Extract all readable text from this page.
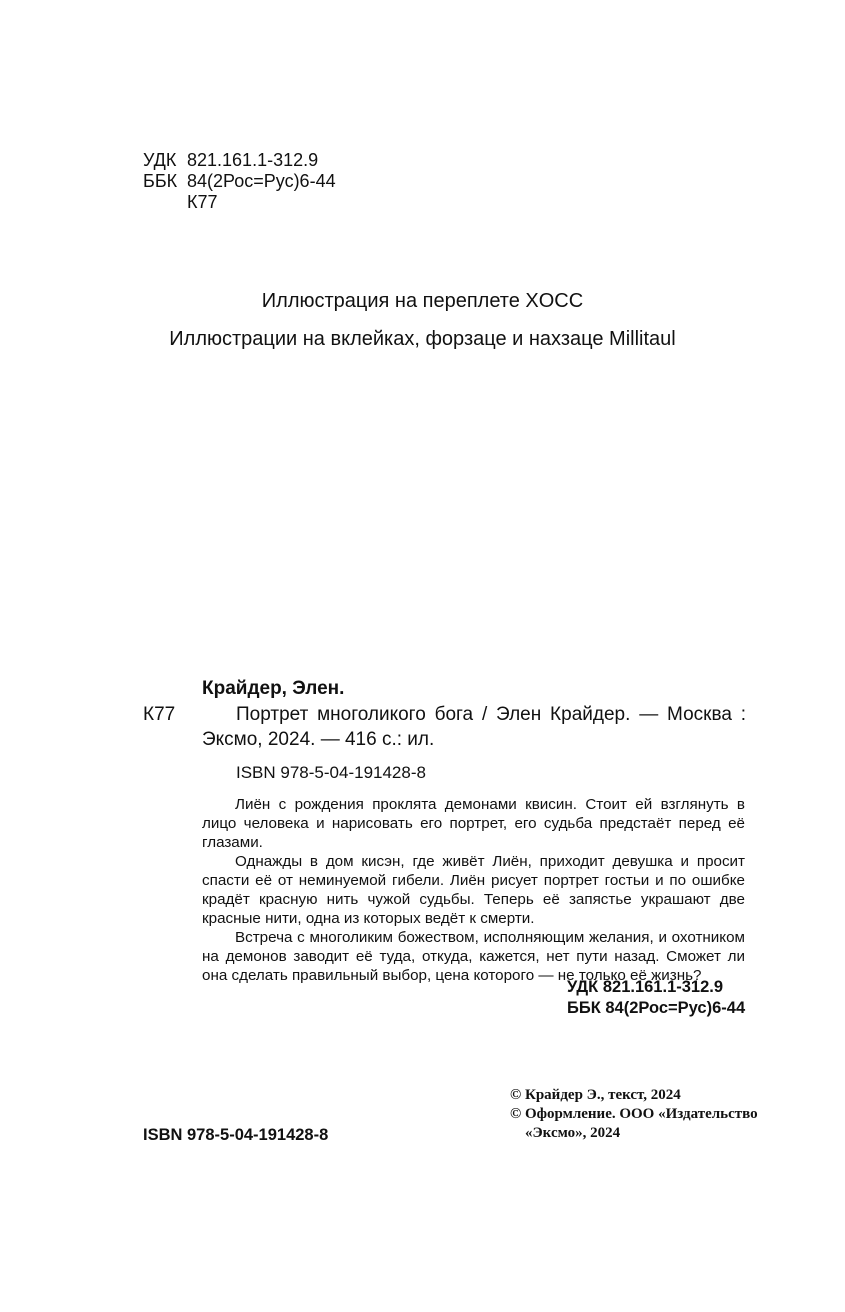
УДК 821.161.1-312.9
ББК 84(2Рос=Рус)6-44
К77
Иллюстрация на переплете XOCC
Иллюстрации на вклейках, форзаце и нахзаце Millitaul
Крайдер, Элен.
К77	Портрет многоликого бога / Элен Крайдер. — Москва :
Эксмо, 2024. — 416 с.: ил.
ISBN 978-5-04-191428-8

Лиён с рождения проклята демонами квисин. Стоит ей взглянуть в лицо человека и нарисовать его портрет, его судьба предстаёт перед её глазами.

Однажды в дом кисэн, где живёт Лиён, приходит девушка и просит спасти её от неминуемой гибели. Лиён рисует портрет гостьи и по ошибке крадёт красную нить чужой судьбы. Теперь её запястье украшают две красные нити, одна из которых ведёт к смерти.

Встреча с многоликим божеством, исполняющим желания, и охотником на демонов заводит её туда, откуда, кажется, нет пути назад. Сможет ли она сделать правильный выбор, цена которого — не только её жизнь?

УДК 821.161.1-312.9
ББК 84(2Рос=Рус)6-44
ISBN 978-5-04-191428-8
© Крайдер Э., текст, 2024
© Оформление. ООО «Издательство
«Эксмо», 2024
